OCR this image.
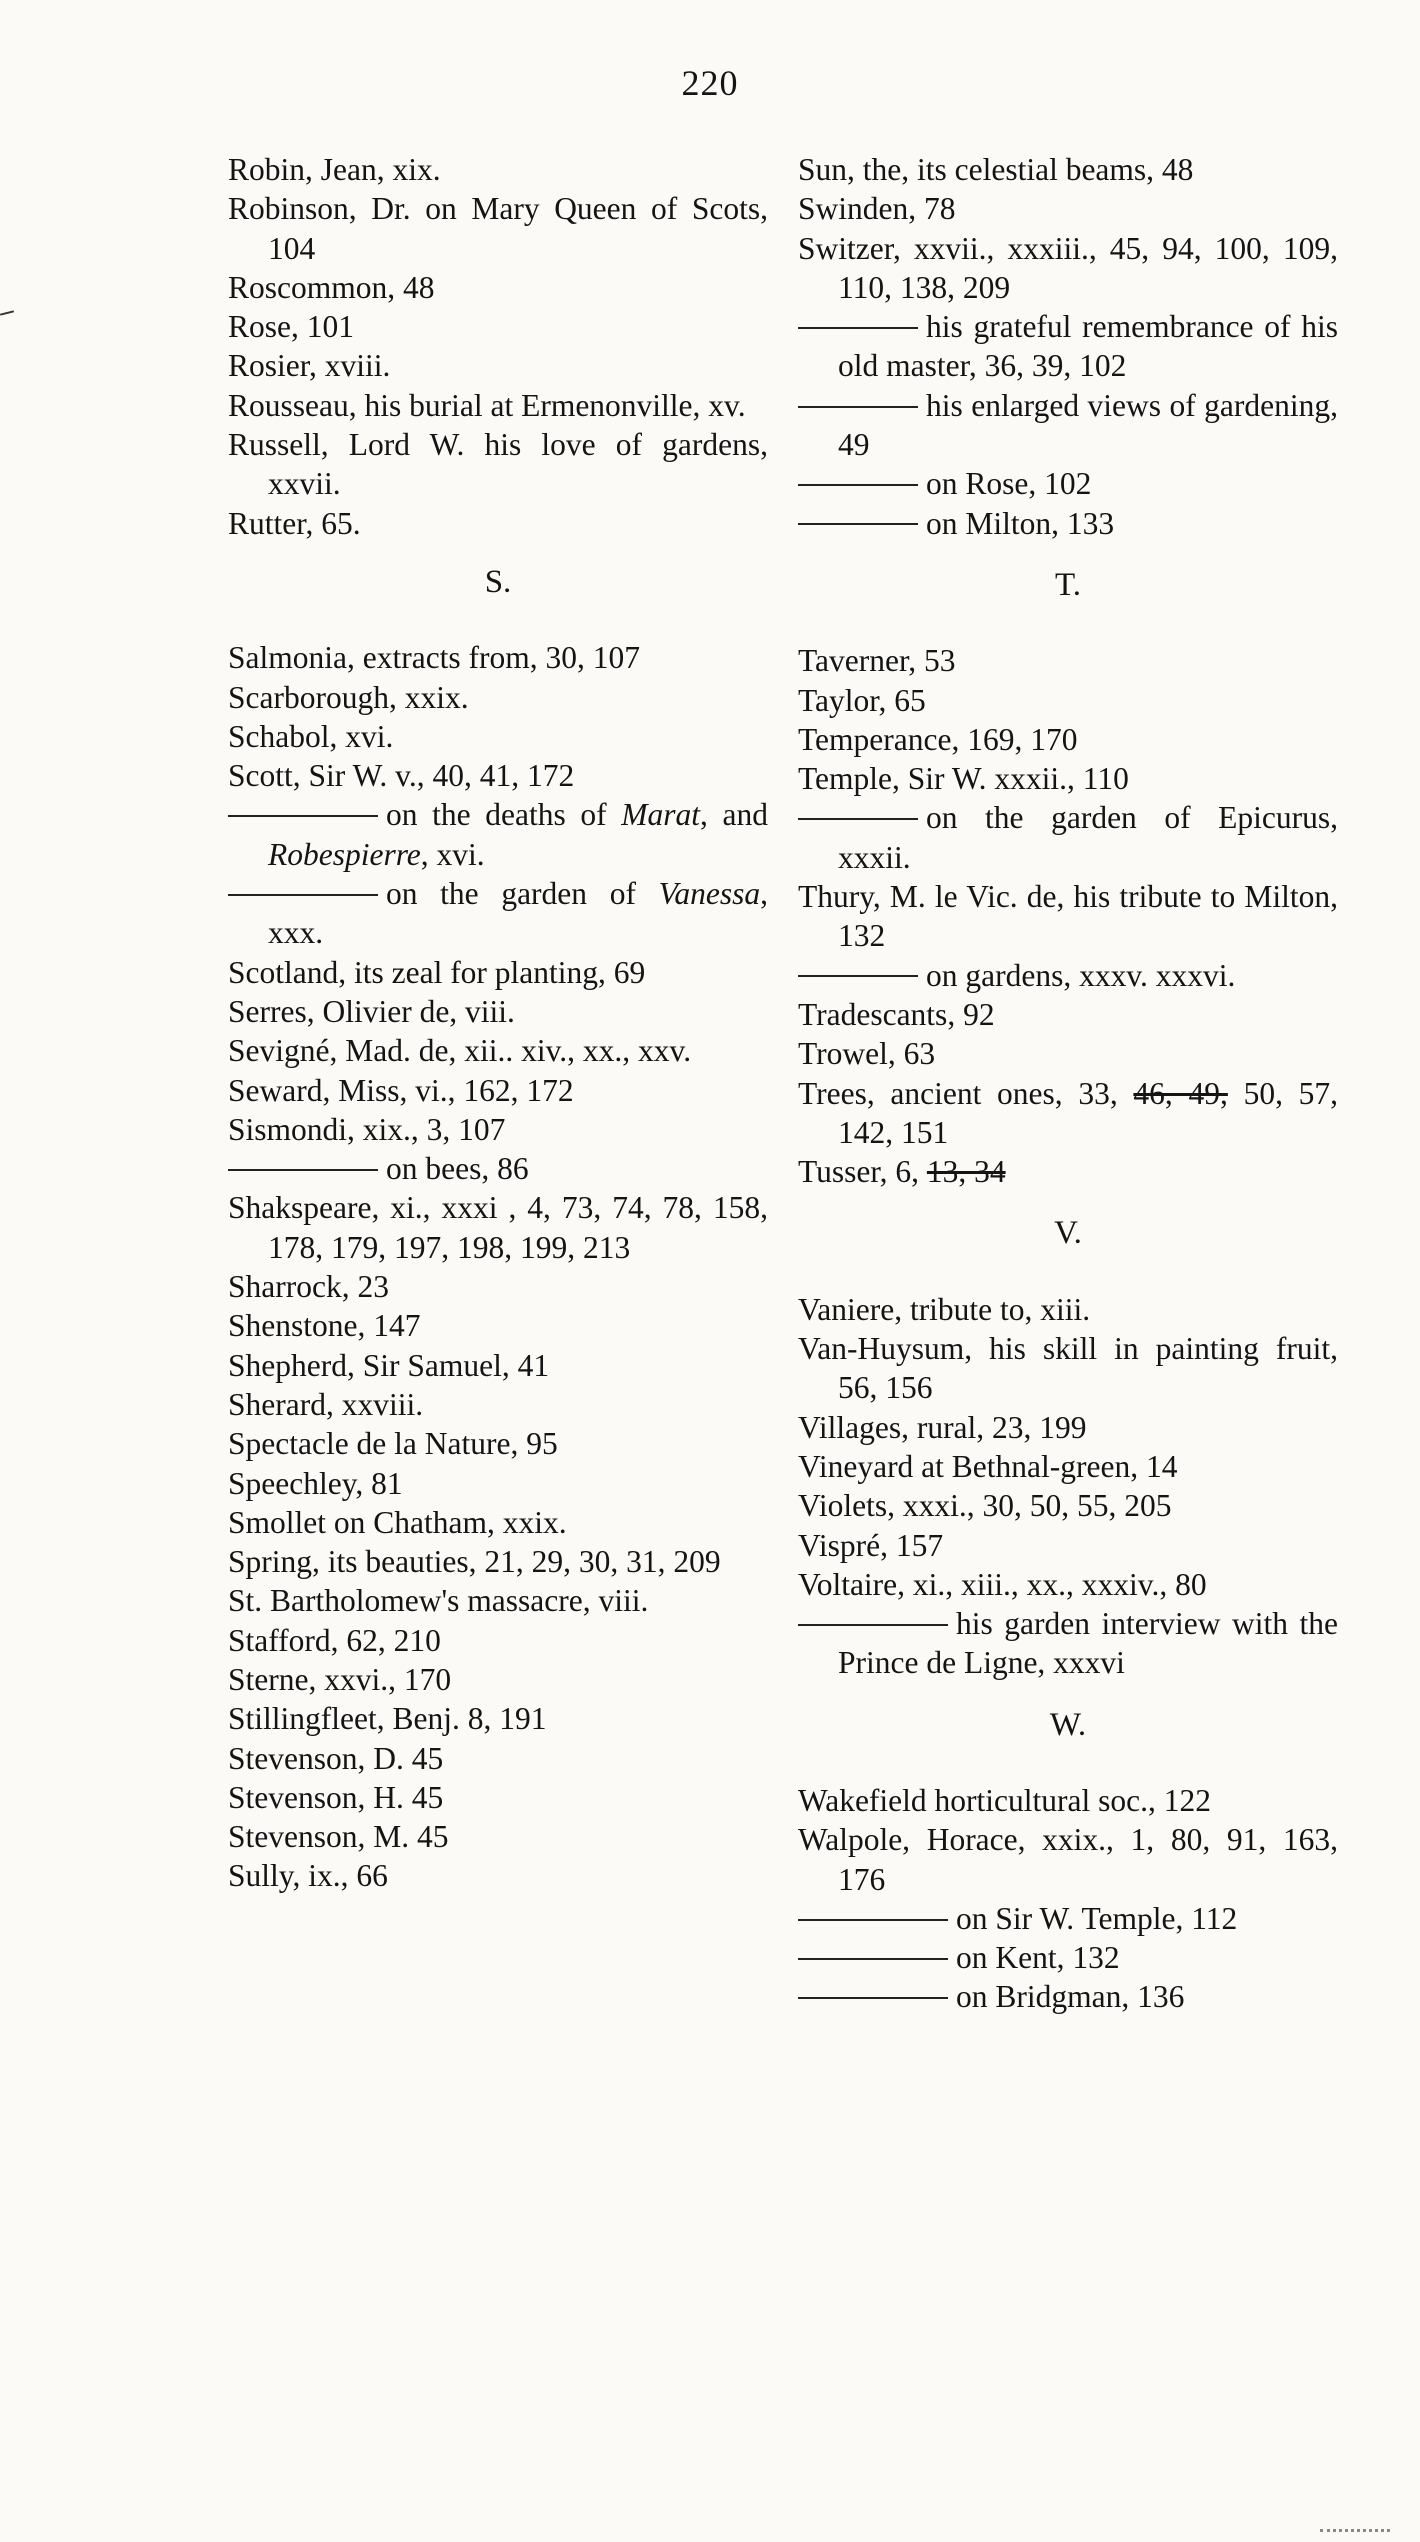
220
Robin, Jean, xix.
Robinson, Dr. on Mary Queen of Scots, 104
Roscommon, 48
Rose, 101
Rosier, xviii.
Rousseau, his burial at Ermenonville, xv.
Russell, Lord W. his love of gardens, xxvii.
Rutter, 65.
S.
Salmonia, extracts from, 30, 107
Scarborough, xxix.
Schabol, xvi.
Scott, Sir W. v., 40, 41, 172
on the deaths of Marat, and Robespierre, xvi.
on the garden of Vanessa, xxx.
Scotland, its zeal for planting, 69
Serres, Olivier de, viii.
Sevigné, Mad. de, xii.. xiv., xx., xxv.
Seward, Miss, vi., 162, 172
Sismondi, xix., 3, 107
on bees, 86
Shakspeare, xi., xxxi , 4, 73, 74, 78, 158, 178, 179, 197, 198, 199, 213
Sharrock, 23
Shenstone, 147
Shepherd, Sir Samuel, 41
Sherard, xxviii.
Spectacle de la Nature, 95
Speechley, 81
Smollet on Chatham, xxix.
Spring, its beauties, 21, 29, 30, 31, 209
St. Bartholomew's massacre, viii.
Stafford, 62, 210
Sterne, xxvi., 170
Stillingfleet, Benj. 8, 191
Stevenson, D. 45
Stevenson, H. 45
Stevenson, M. 45
Sully, ix., 66
Sun, the, its celestial beams, 48
Swinden, 78
Switzer, xxvii., xxxiii., 45, 94, 100, 109, 110, 138, 209
his grateful remembrance of his old master, 36, 39, 102
his enlarged views of gardening, 49
on Rose, 102
on Milton, 133
T.
Taverner, 53
Taylor, 65
Temperance, 169, 170
Temple, Sir W. xxxii., 110
on the garden of Epicurus, xxxii.
Thury, M. le Vic. de, his tribute to Milton, 132
on gardens, xxxv. xxxvi.
Tradescants, 92
Trowel, 63
Trees, ancient ones, 33, 46, 49, 50, 57, 142, 151
Tusser, 6, 13, 34
V.
Vaniere, tribute to, xiii.
Van-Huysum, his skill in painting fruit, 56, 156
Villages, rural, 23, 199
Vineyard at Bethnal-green, 14
Violets, xxxi., 30, 50, 55, 205
Vispré, 157
Voltaire, xi., xiii., xx., xxxiv., 80
his garden interview with the Prince de Ligne, xxxvi
W.
Wakefield horticultural soc., 122
Walpole, Horace, xxix., 1, 80, 91, 163, 176
on Sir W. Temple, 112
on Kent, 132
on Bridgman, 136
